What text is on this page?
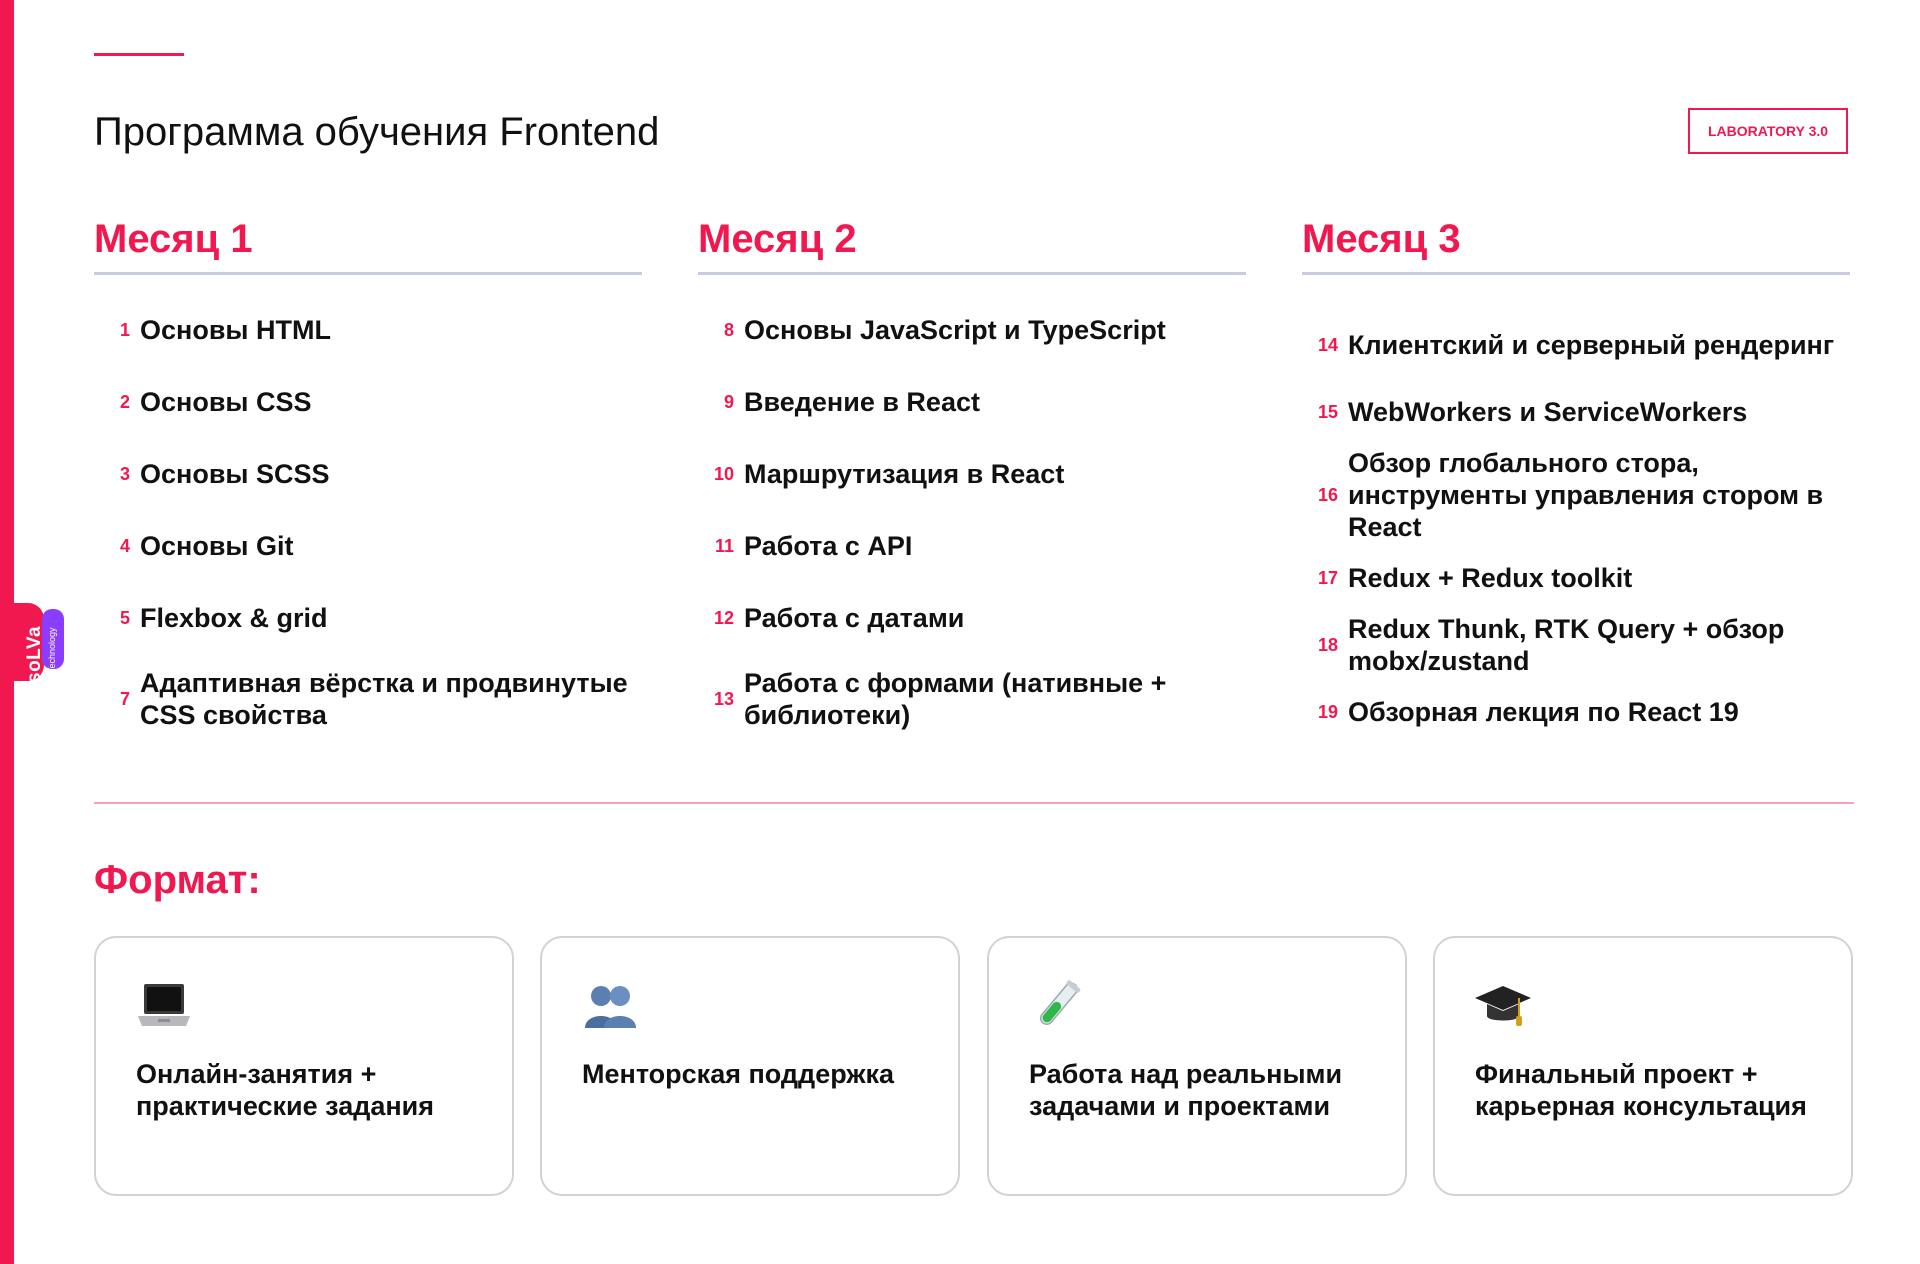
soLVa Technology
Программа обучения Frontend	LABORATORY 3.0
Месяц 1
1 Основы HTML
2 Основы CSS
3 Основы SCSS
4 Основы Git
5 Flexbox & grid
7
Адаптивная вёрстка и продвинутые CSS свойства
Месяц 2
8 Основы JavaScript и TypeScript
9 Введение в React
10 Маршрутизация в React
11 Работа с API
12 Работа с датами
13
Работа с формами (нативные + библиотеки)
Месяц 3
14 Клиентский и серверный рендеринг
15 WebWorkers и ServiceWorkers
16
Обзор глобального стора, инструменты управления стором в React
17 Redux + Redux toolkit
18
Redux Thunk, RTK Query + обзор mobx/zustand
19 Обзорная лекция по React 19
Формат:
Онлайн-занятия + практические задания
Менторская поддержка	Работа над реальными задачами и проектами
Финальный проект + карьерная консультация
